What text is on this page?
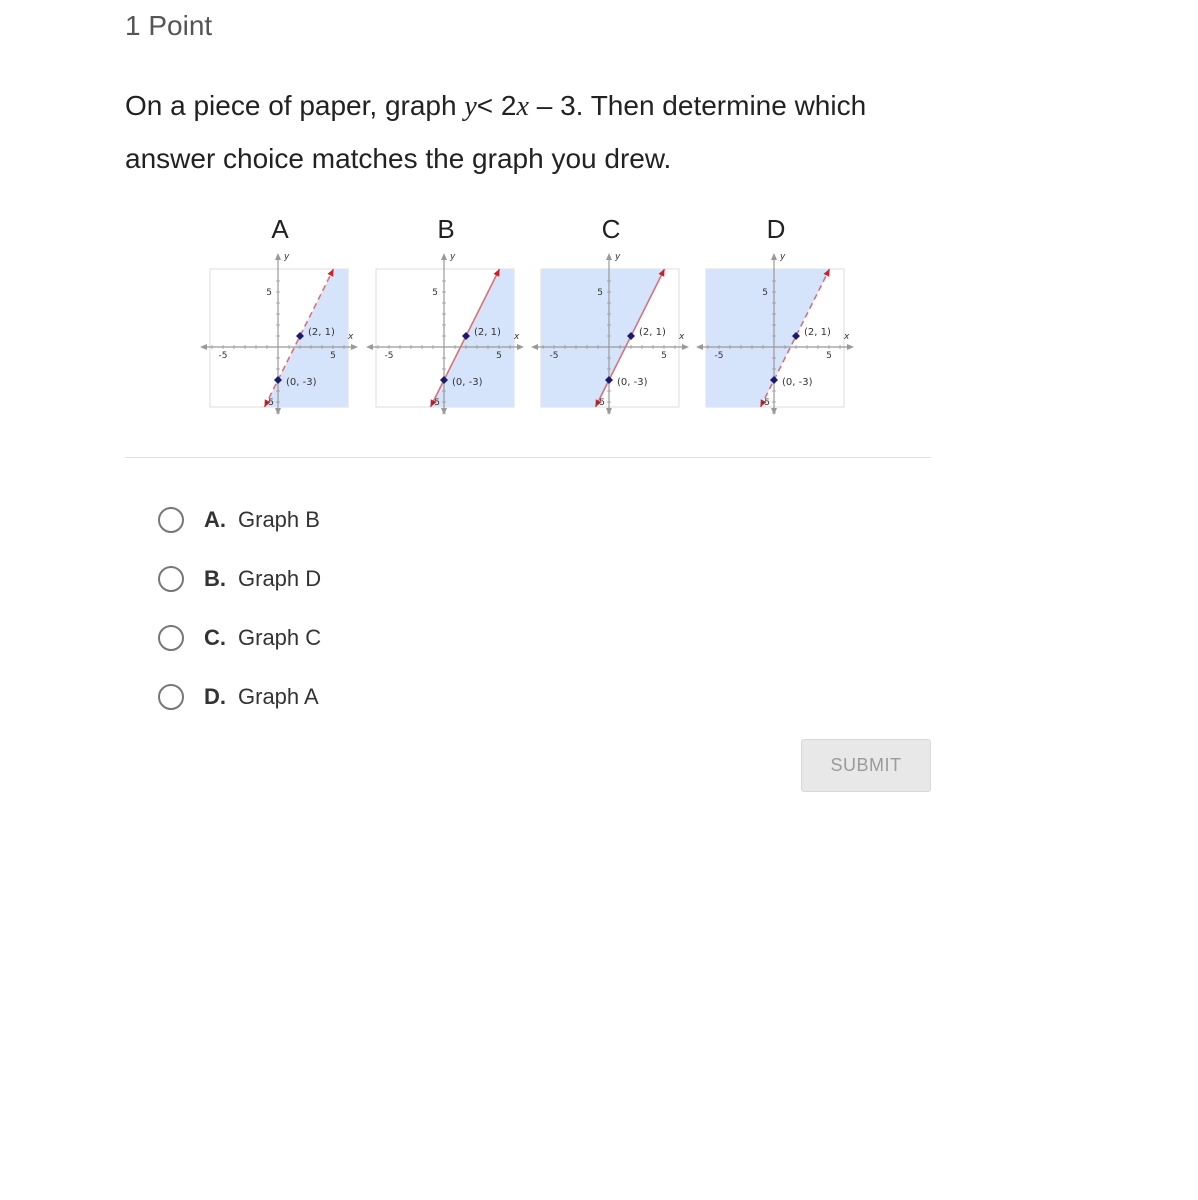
1 Point
On a piece of paper, graph y< 2x – 3. Then determine which
answer choice matches the graph you drew.
A
5
-5
5
-5
y
x
(2, 1)
(0, -3)
B
5
-5
5
-5
y
x
(2, 1)
(0, -3)
C
5
-5
5
-5
y
x
(2, 1)
(0, -3)
D
5
-5
5
-5
y
x
(2, 1)
(0, -3)
A. Graph B
B. Graph D
C. Graph C
D. Graph A
SUBMIT
